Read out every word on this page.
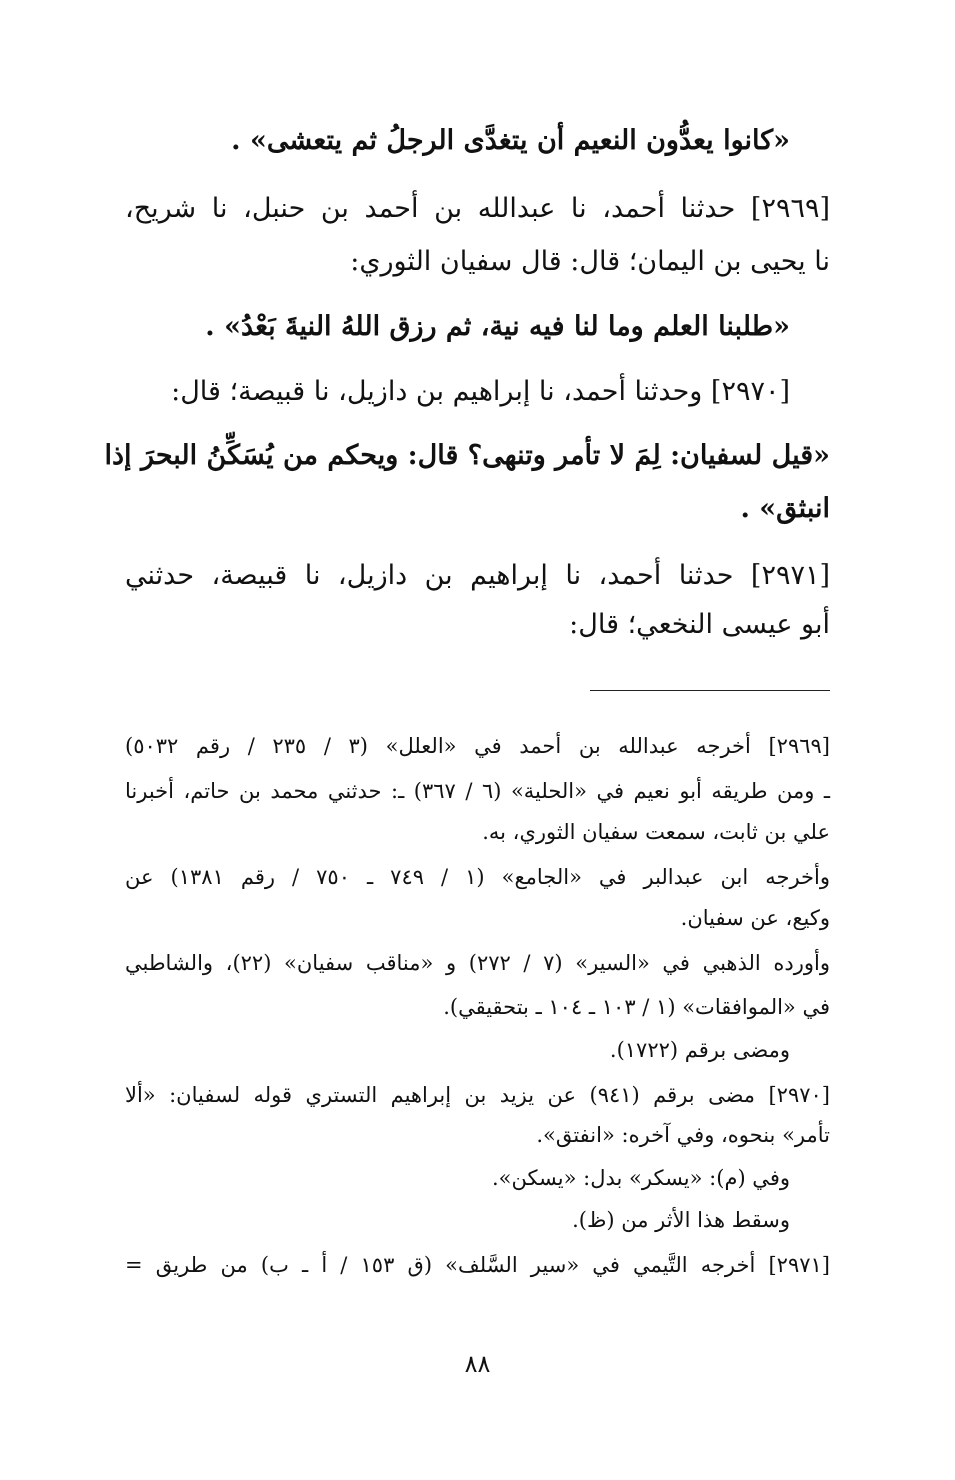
«كانوا يعدُّون النعيم أن يتغدَّى الرجلُ ثم يتعشى» .
[٢٩٦٩] حدثنا أحمد، نا عبدالله بن أحمد بن حنبل، نا شريح،
نا يحيى بن اليمان؛ قال: قال سفيان الثوري:
«طلبنا العلم وما لنا فيه نية، ثم رزق اللهُ النيةَ بَعْدُ» .
[٢٩٧٠] وحدثنا أحمد، نا إبراهيم بن دازيل، نا قبيصة؛ قال:
«قيل لسفيان: لِمَ لا تأمر وتنهى؟ قال: ويحكم من يُسَكِّنُ البحرَ إذا
انبثق» .
[٢٩٧١] حدثنا أحمد، نا إبراهيم بن دازيل، نا قبيصة، حدثني
أبو عيسى النخعي؛ قال:
[٢٩٦٩] أخرجه عبدالله بن أحمد في «العلل» (٣ / ٢٣٥ / رقم ٥٠٣٢)
ـ ومن طريقه أبو نعيم في «الحلية» (٦ / ٣٦٧) ـ: حدثني محمد بن حاتم، أخبرنا
علي بن ثابت، سمعت سفيان الثوري، به.
وأخرجه ابن عبدالبر في «الجامع» (١ / ٧٤٩ ـ ٧٥٠ / رقم ١٣٨١) عن
وكيع، عن سفيان.
وأورده الذهبي في «السير» (٧ / ٢٧٢) و «مناقب سفيان» (٢٢)، والشاطبي
في «الموافقات» (١ / ١٠٣ ـ ١٠٤ ـ بتحقيقي).
ومضى برقم (١٧٢٢).
[٢٩٧٠] مضى برقم (٩٤١) عن يزيد بن إبراهيم التستري قوله لسفيان: «ألا
تأمر» بنحوه، وفي آخره: «انفتق».
وفي (م): «يسكر» بدل: «يسكن».
وسقط هذا الأثر من (ظ).
[٢٩٧١] أخرجه التَّيمي في «سير السَّلف» (ق ١٥٣ / أ ـ ب) من طريق =
٨٨
